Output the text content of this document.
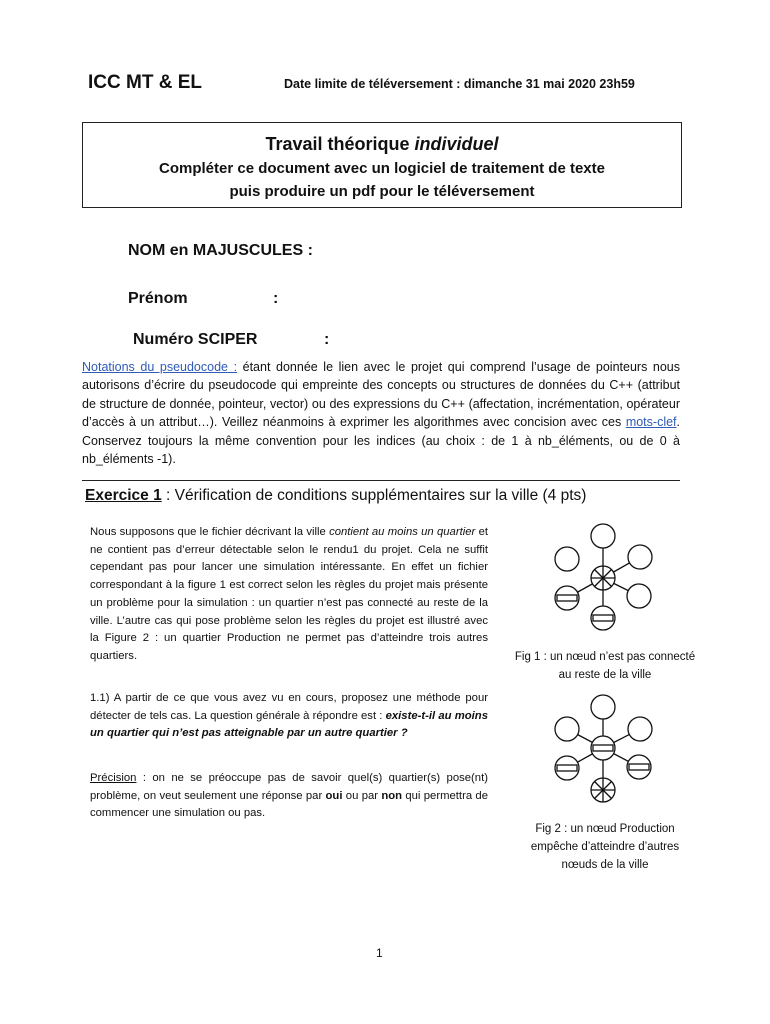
ICC MT & EL	Date limite de téléversement : dimanche 31 mai 2020 23h59
Travail théorique individuel
Compléter ce document avec un logiciel de traitement de texte
puis produire un pdf pour le téléversement
NOM en MAJUSCULES :
Prénom	:
Numéro SCIPER	:
Notations du pseudocode : étant donnée le lien avec le projet qui comprend l’usage de pointeurs nous autorisons d’écrire du pseudocode qui empreinte des concepts ou structures de données du C++ (attribut de structure de donnée, pointeur, vector) ou des expressions du C++ (affectation, incrémentation, opérateur d’accès à un attribut…). Veillez néanmoins à exprimer les algorithmes avec concision avec ces mots-clef. Conservez toujours la même convention pour les indices (au choix : de 1 à nb_éléments, ou de 0 à nb_éléments -1).
Exercice 1 : Vérification de conditions supplémentaires sur la ville (4 pts)
Nous supposons que le fichier décrivant la ville contient au moins un quartier et ne contient pas d’erreur détectable selon le rendu1 du projet. Cela ne suffit cependant pas pour lancer une simulation intéressante. En effet un fichier correspondant à la figure 1 est correct selon les règles du projet mais présente un problème pour la simulation : un quartier n’est pas connecté au reste de la ville. L’autre cas qui pose problème selon les règles du projet est illustré avec la Figure 2 : un quartier Production ne permet pas d’atteindre trois autres quartiers.
1.1) A partir de ce que vous avez vu en cours, proposez une méthode pour détecter de tels cas. La question générale à répondre est : existe-t-il au moins un quartier qui n’est pas atteignable par un autre quartier ?
Précision : on ne se préoccupe pas de savoir quel(s) quartier(s) pose(nt) problème, on veut seulement une réponse par oui ou par non qui permettra de commencer une simulation ou pas.
Fig 1 : un nœud n’est pas connecté
au reste de la ville
Fig 2 : un nœud Production
empêche d’atteindre d’autres
nœuds de la ville
1
